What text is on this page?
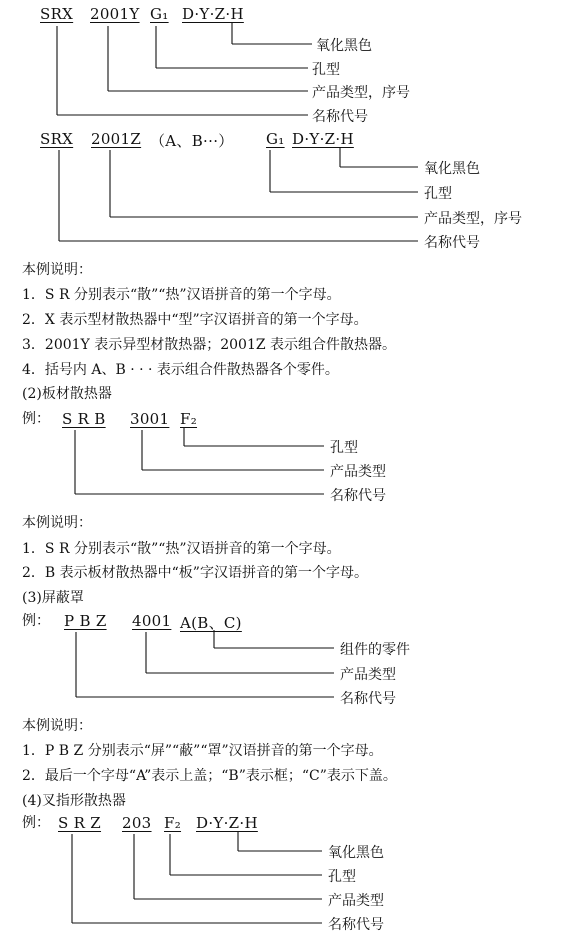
SRX 2001Y G₁ D·Y·Z·H
氧化黑色
孔型
产品类型，序号
名称代号
SRX 2001Z （A、B···） G₁ D·Y·Z·H
氧化黑色
孔型
产品类型，序号
名称代号
本例说明：
1．S R 分别表示“散”“热”汉语拼音的第一个字母。
2．X 表示型材散热器中“型”字汉语拼音的第一个字母。
3．2001Y 表示异型材散热器；2001Z 表示组合件散热器。
4．括号内 A、B · · · 表示组合件散热器各个零件。
(2)板材散热器
例： S R B 3001 F₂
孔型
产品类型
名称代号
本例说明：
1．S R 分别表示“散”“热”汉语拼音的第一个字母。
2．B 表示板材散热器中“板”字汉语拼音的第一个字母。
(3)屏蔽罩
例： P B Z 4001 A(B、C)
组件的零件
产品类型
名称代号
本例说明：
1．P B Z 分别表示“屏”“蔽”“罩”汉语拼音的第一个字母。
2．最后一个字母“A”表示上盖；“B”表示框；“C”表示下盖。
(4)叉指形散热器
例： S R Z 203 F₂ D·Y·Z·H
氧化黑色
孔型
产品类型
名称代号
